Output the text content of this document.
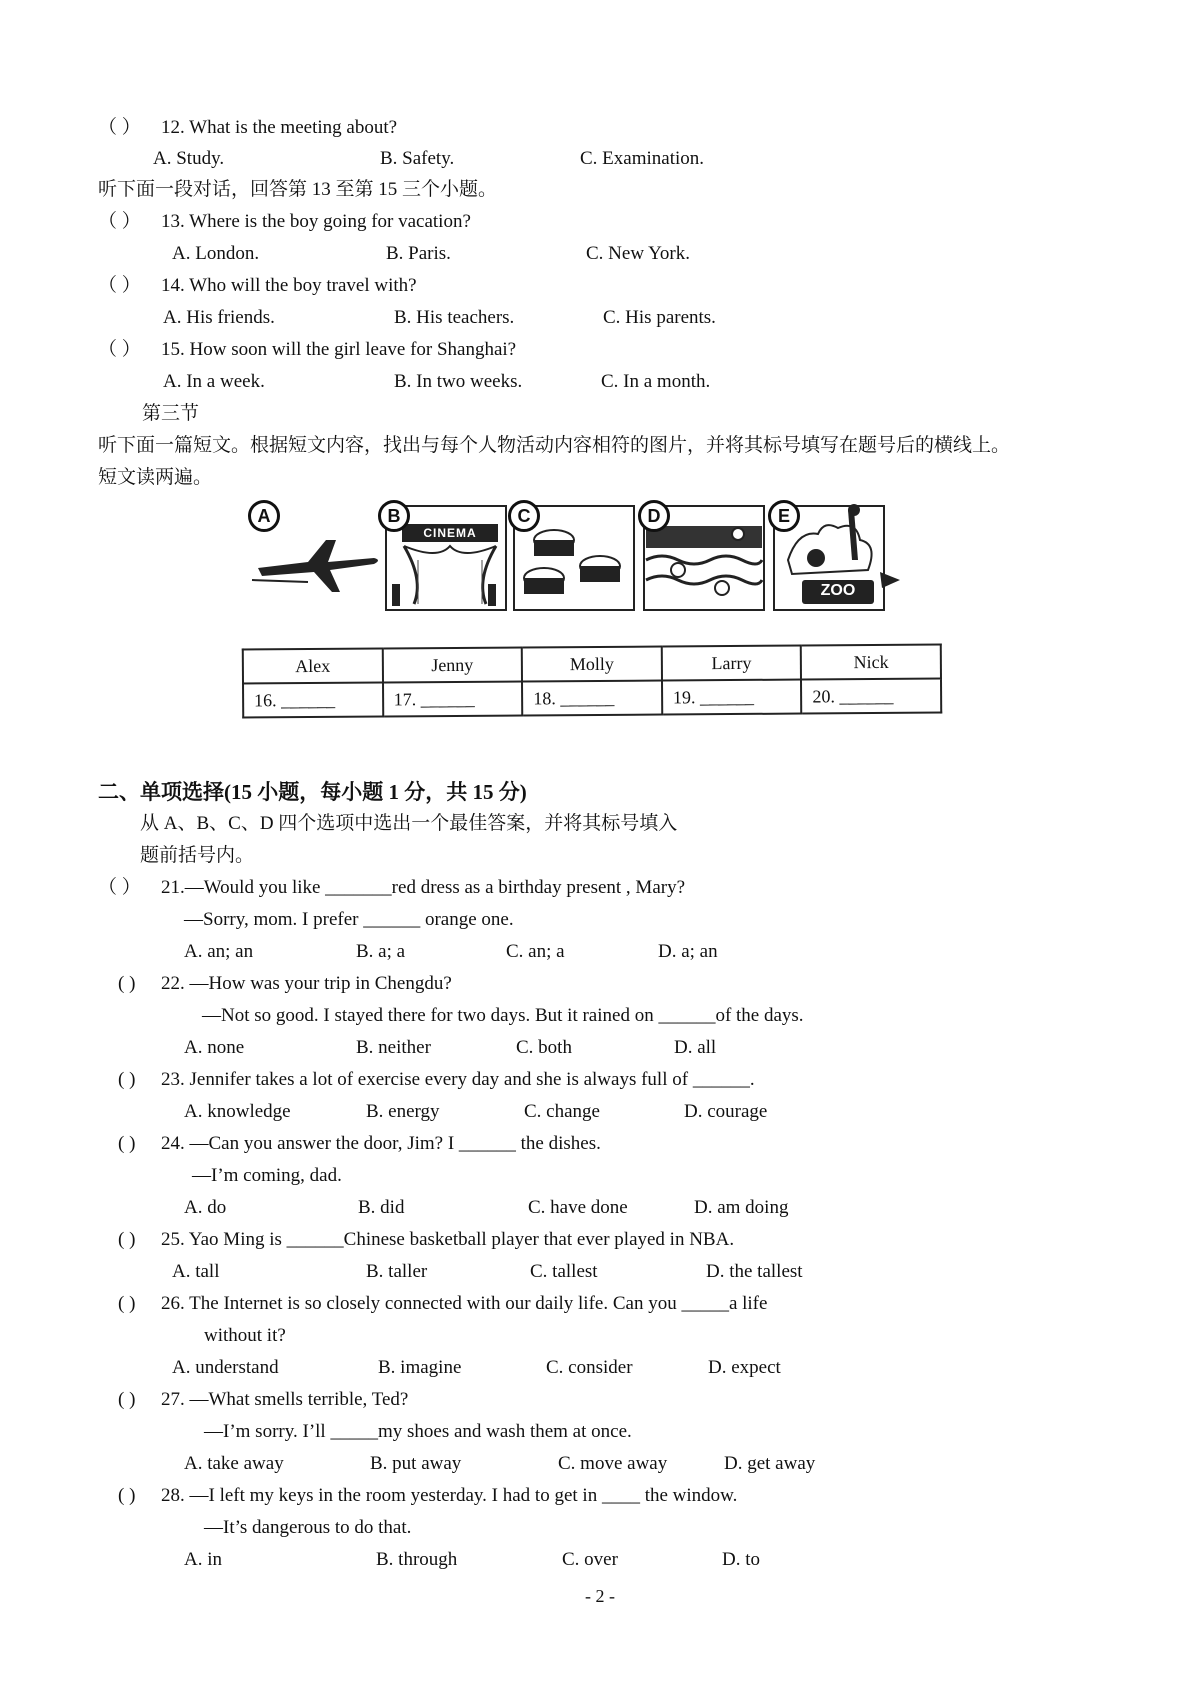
（ ） 12. What is the meeting about?
A. Study.	B. Safety.	C. Examination.
听下面一段对话，回答第 13 至第 15 三个小题。
（ ） 13. Where is the boy going for vacation?
A. London.	B. Paris.	C. New York.
（ ） 14. Who will the boy travel with?
A. His friends.	B. His teachers.	C. His parents.
（ ） 15. How soon will the girl leave for Shanghai?
A. In a week.	B. In two weeks.	C. In a month.
第三节
听下面一篇短文。根据短文内容，找出与每个人物活动内容相符的图片，并将其标号填写在题号后的横线上。
短文读两遍。
A	B
CINEMA
C	D	E
ZOO
Alex	Jenny	Molly	Larry	Nick
16. ______	17. ______	18. ______	19. ______	20. ______
二、单项选择(15 小题，每小题 1 分，共 15 分)
从 A、B、C、D 四个选项中选出一个最佳答案，并将其标号填入
题前括号内。
（ ） 21.—Would you like _______red dress as a birthday present , Mary?
—Sorry, mom. I prefer ______ orange one.
A. an; an	B. a; a	C. an; a	D. a; an
( ) 22. —How was your trip in Chengdu?
—Not so good. I stayed there for two days. But it rained on ______of the days.
A. none	B. neither	C. both	D. all
( ) 23. Jennifer takes a lot of exercise every day and she is always full of ______.
A. knowledge	B. energy	C. change	D. courage
( ) 24. —Can you answer the door, Jim? I ______ the dishes.
—I’m coming, dad.
A. do	B. did	C. have done	D. am doing
( ) 25. Yao Ming is ______Chinese basketball player that ever played in NBA.
A. tall	B. taller	C. tallest	D. the tallest
( ) 26. The Internet is so closely connected with our daily life. Can you _____a life
without it?
A. understand	B. imagine	C. consider	D. expect
( ) 27. —What smells terrible, Ted?
—I’m sorry. I’ll _____my shoes and wash them at once.
A. take away	B. put away	C. move away	D. get away
( ) 28. —I left my keys in the room yesterday. I had to get in ____ the window.
—It’s dangerous to do that.
A. in	B. through	C. over	D. to
- 2 -
